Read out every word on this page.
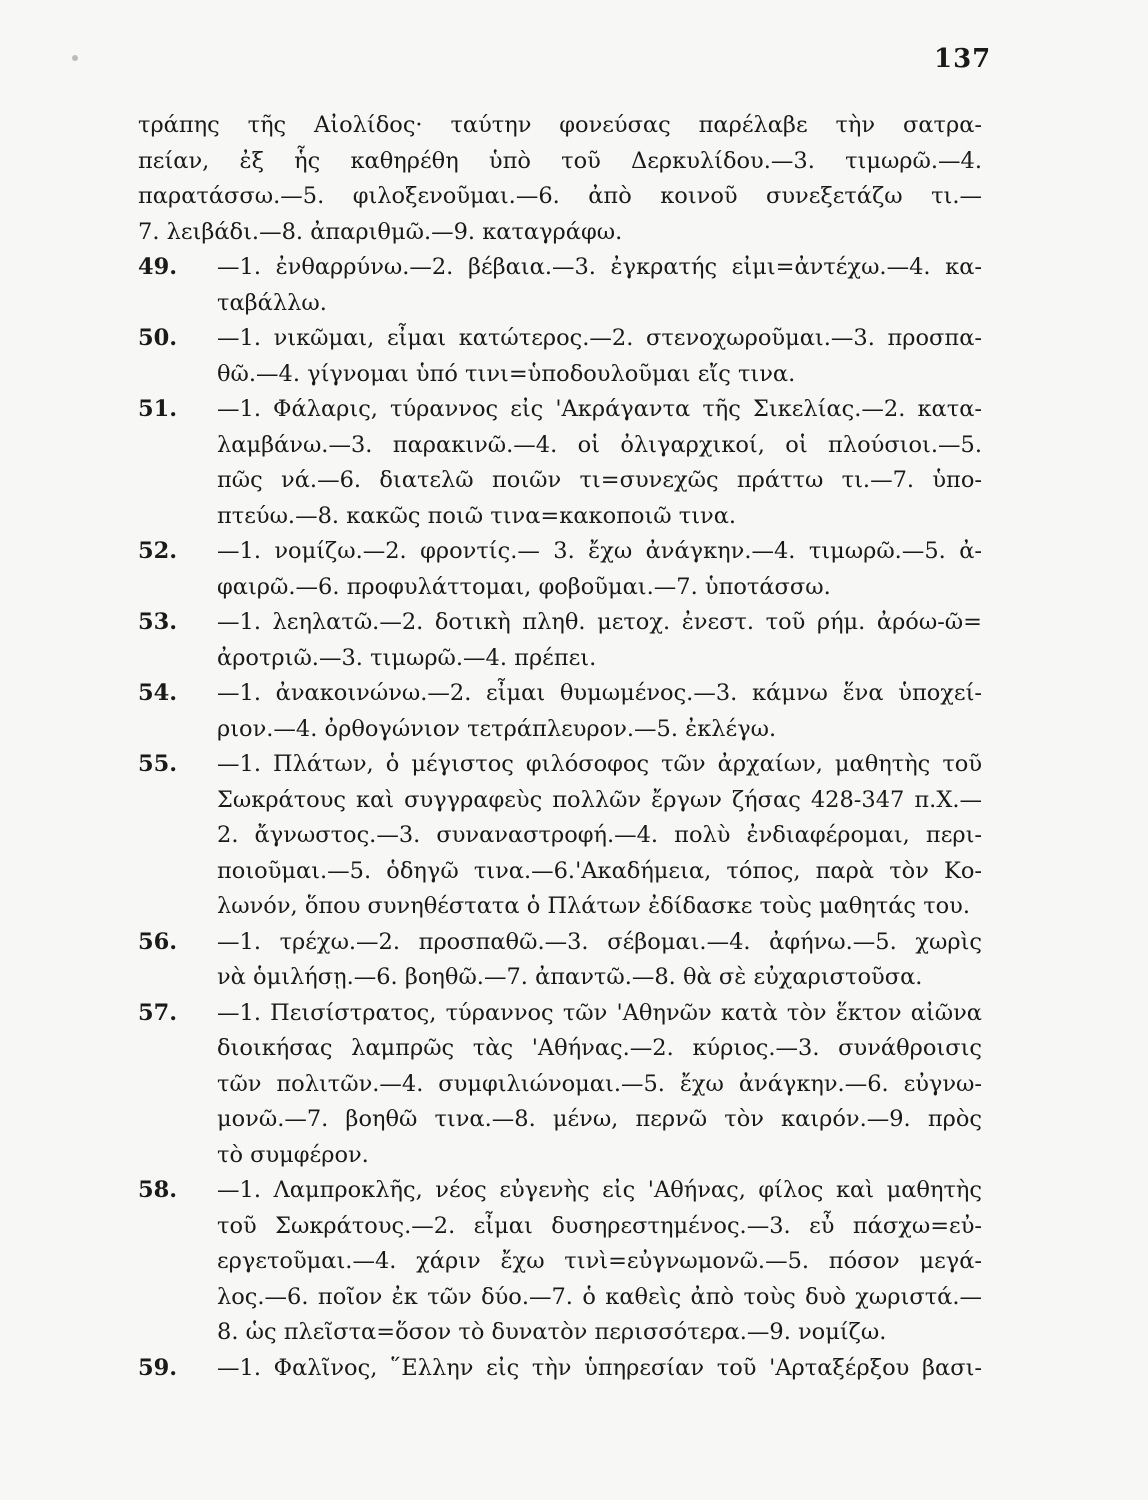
137
τράπης τῆς Αἰολίδος· ταύτην φονεύσας παρέλαβε τὴν σατρα-
πείαν, ἐξ ἧς καθηρέθη ὑπὸ τοῦ Δερκυλίδου.—3. τιμωρῶ.—4.
παρατάσσω.—5. φιλοξενοῦμαι.—6. ἀπὸ κοινοῦ συνεξετάζω τι.—
7. λειβάδι.—8. ἀπαριθμῶ.—9. καταγράφω.
49.	—1. ἐνθαρρύνω.—2. βέβαια.—3. ἐγκρατής εἰμι=ἀντέχω.—4. κα-
ταβάλλω.
50.	—1. νικῶμαι, εἶμαι κατώτερος.—2. στενοχωροῦμαι.—3. προσπα-
θῶ.—4. γίγνομαι ὑπό τινι=ὑποδουλοῦμαι εἴς τινα.
51.	—1. Φάλαρις, τύραννος εἰς 'Ακράγαντα τῆς Σικελίας.—2. κατα-
λαμβάνω.—3. παρακινῶ.—4. οἱ ὀλιγαρχικοί, οἱ πλούσιοι.—5.
πῶς νά.—6. διατελῶ ποιῶν τι=συνεχῶς πράττω τι.—7. ὑπο-
πτεύω.—8. κακῶς ποιῶ τινα=κακοποιῶ τινα.
52.	—1. νομίζω.—2. φροντίς.— 3. ἔχω ἀνάγκην.—4. τιμωρῶ.—5. ἀ-
φαιρῶ.—6. προφυλάττομαι, φοβοῦμαι.—7. ὑποτάσσω.
53.	—1. λεηλατῶ.—2. δοτικὴ πληθ. μετοχ. ἐνεστ. τοῦ ρήμ. ἀρόω-ῶ=
ἀροτριῶ.—3. τιμωρῶ.—4. πρέπει.
54.	—1. ἀνακοινώνω.—2. εἶμαι θυμωμένος.—3. κάμνω ἕνα ὑποχεί-
ριον.—4. ὀρθογώνιον τετράπλευρον.—5. ἐκλέγω.
55.	—1. Πλάτων, ὁ μέγιστος φιλόσοφος τῶν ἀρχαίων, μαθητὴς τοῦ
Σωκράτους καὶ συγγραφεὺς πολλῶν ἔργων ζήσας 428-347 π.Χ.—
2. ἄγνωστος.—3. συναναστροφή.—4. πολὺ ἐνδιαφέρομαι, περι-
ποιοῦμαι.—5. ὁδηγῶ τινα.—6.'Ακαδήμεια, τόπος, παρὰ τὸν Κο-
λωνόν, ὅπου συνηθέστατα ὁ Πλάτων ἐδίδασκε τοὺς μαθητάς του.
56.	—1. τρέχω.—2. προσπαθῶ.—3. σέβομαι.—4. ἀφήνω.—5. χωρὶς
νὰ ὁμιλήσῃ.—6. βοηθῶ.—7. ἀπαντῶ.—8. θὰ σὲ εὐχαριστοῦσα.
57.	—1. Πεισίστρατος, τύραννος τῶν 'Αθηνῶν κατὰ τὸν ἕκτον αἰῶνα
διοικήσας λαμπρῶς τὰς 'Αθήνας.—2. κύριος.—3. συνάθροισις
τῶν πολιτῶν.—4. συμφιλιώνομαι.—5. ἔχω ἀνάγκην.—6. εὐγνω-
μονῶ.—7. βοηθῶ τινα.—8. μένω, περνῶ τὸν καιρόν.—9. πρὸς
τὸ συμφέρον.
58.	—1. Λαμπροκλῆς, νέος εὐγενὴς εἰς 'Αθήνας, φίλος καὶ μαθητὴς
τοῦ Σωκράτους.—2. εἶμαι δυσηρεστημένος.—3. εὖ πάσχω=εὐ-
εργετοῦμαι.—4. χάριν ἔχω τινὶ=εὐγνωμονῶ.—5. πόσον μεγά-
λος.—6. ποῖον ἐκ τῶν δύο.—7. ὁ καθεὶς ἀπὸ τοὺς δυὸ χωριστά.—
8. ὡς πλεῖστα=ὅσον τὸ δυνατὸν περισσότερα.—9. νομίζω.
59.	—1. Φαλῖνος, ῞Ελλην εἰς τὴν ὑπηρεσίαν τοῦ 'Αρταξέρξου βασι-
